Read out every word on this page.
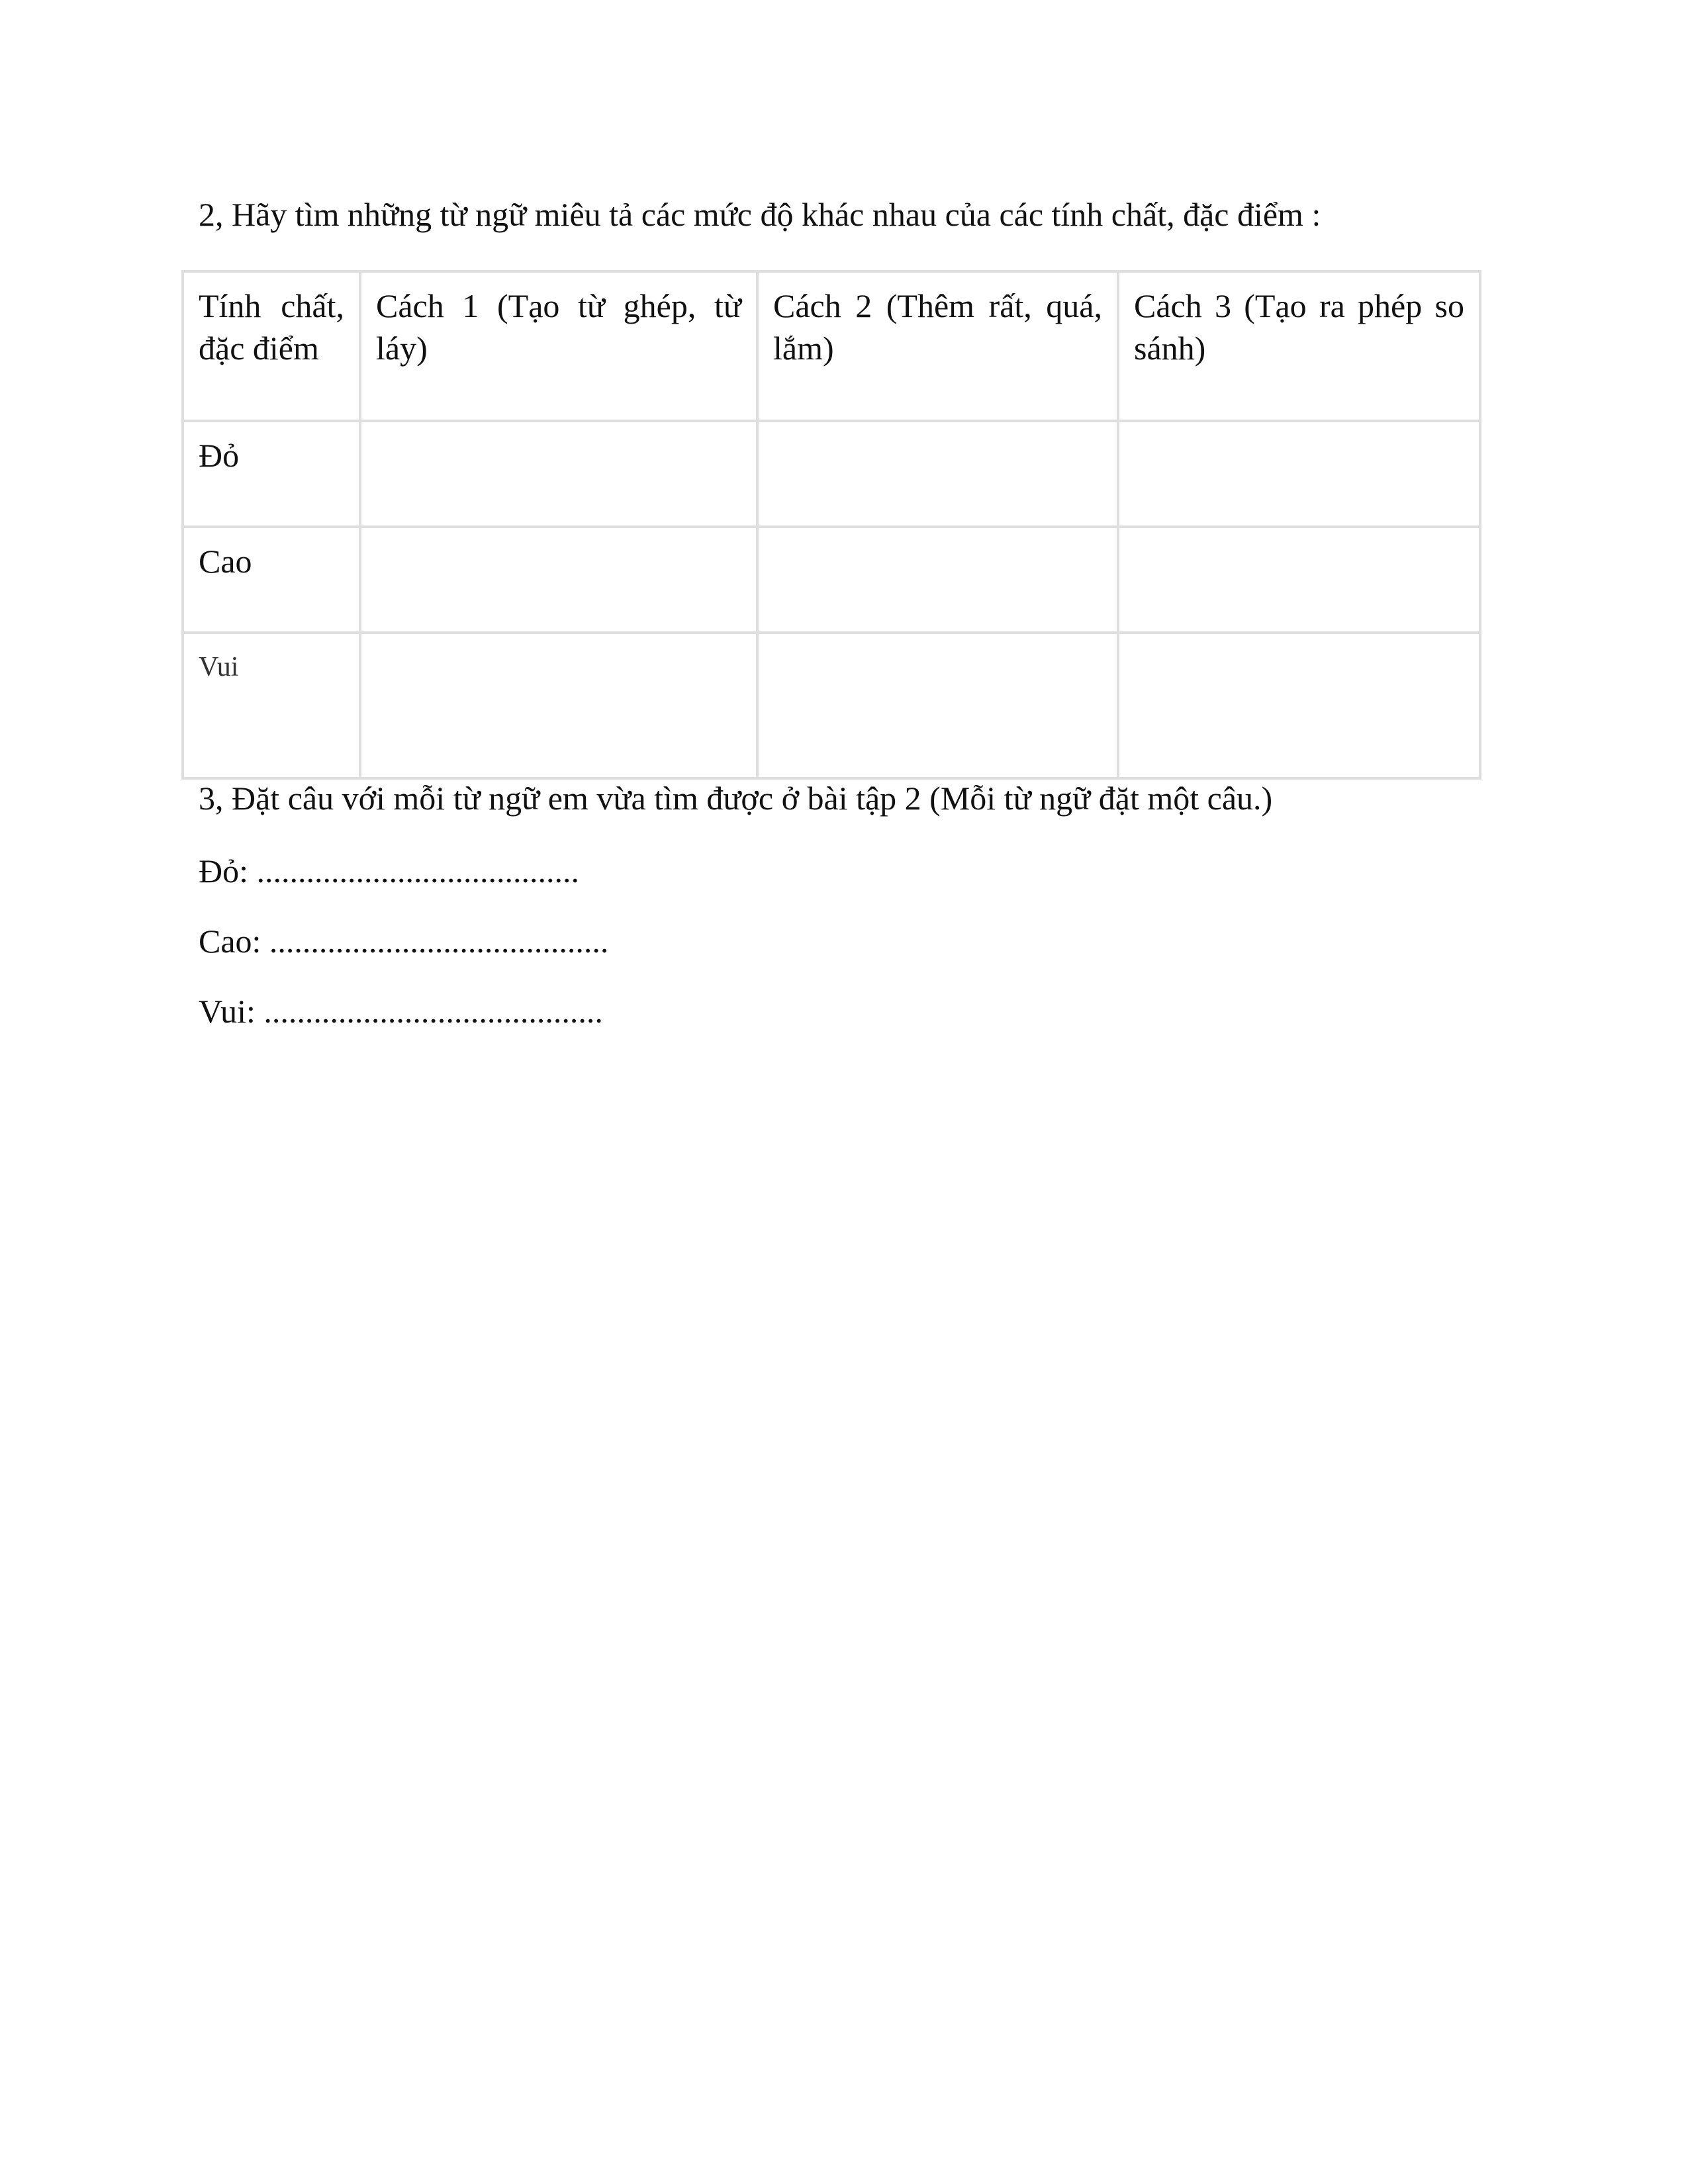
2, Hãy tìm những từ ngữ miêu tả các mức độ khác nhau của các tính chất, đặc điểm :
Tính chất, đặc điểm	Cách 1 (Tạo từ ghép, từ láy)	Cách 2 (Thêm rất, quá, lắm)	Cách 3 (Tạo ra phép so sánh)
Đỏ			
Cao			
Vui			
3, Đặt câu với mỗi từ ngữ em vừa tìm được ở bài tập 2 (Mỗi từ ngữ đặt một câu.)
Đỏ: .......................................
Cao: .........................................
Vui: .........................................
